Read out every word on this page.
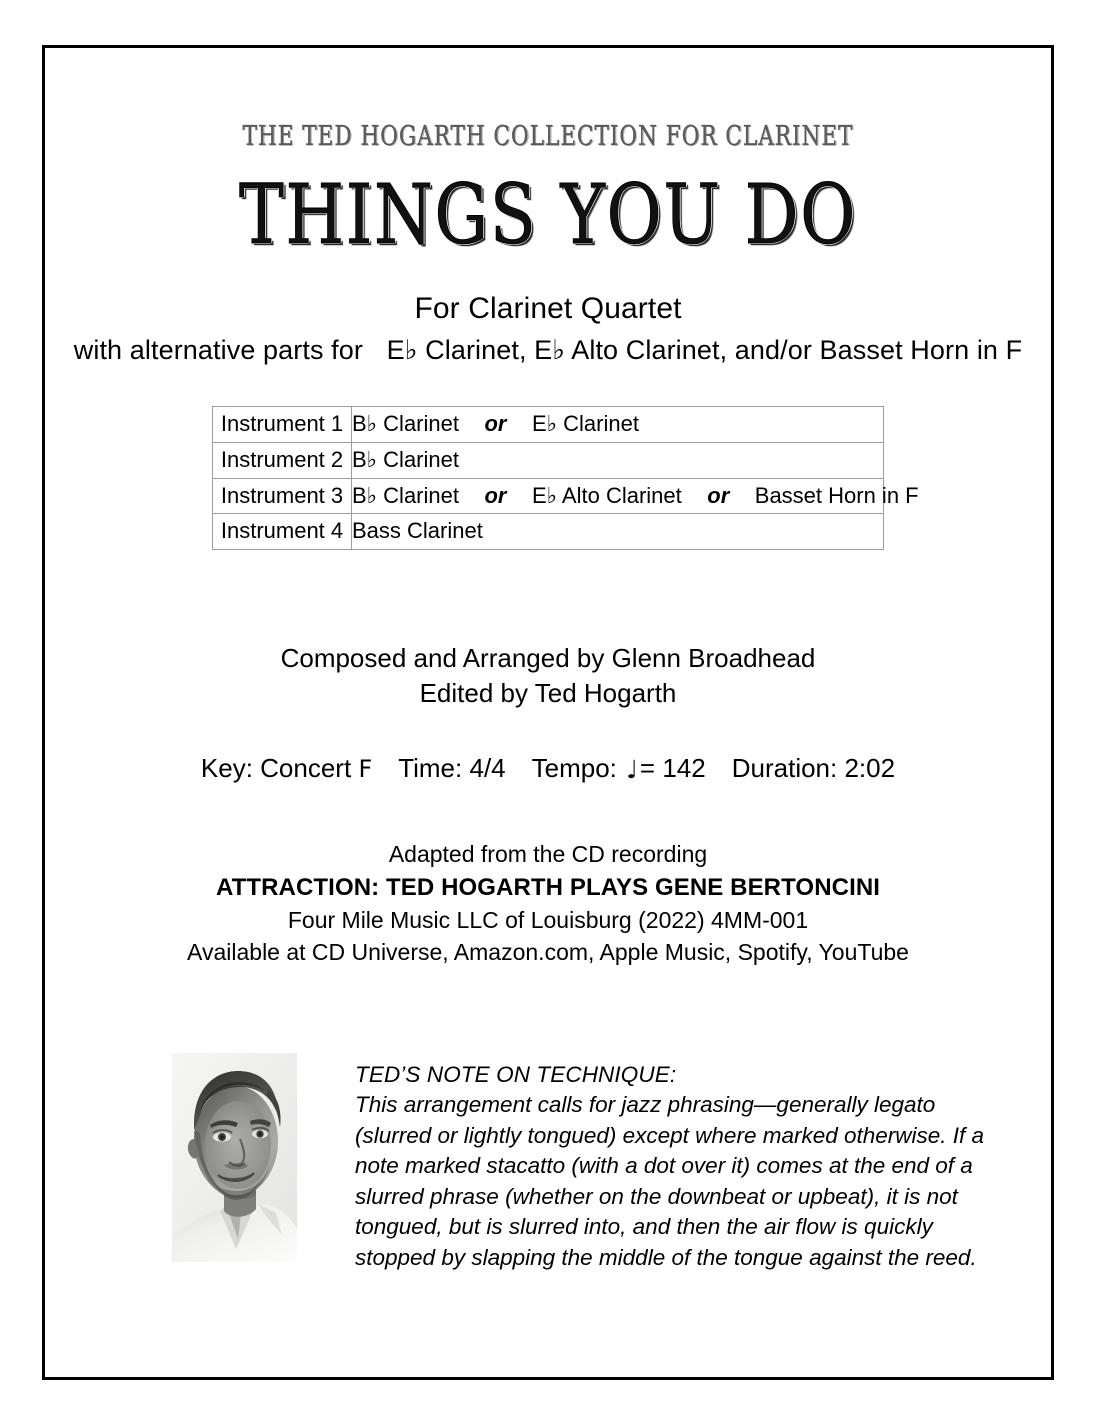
THE TED HOGARTH COLLECTION FOR CLARINET
THINGS YOU DO
For Clarinet Quartet
with alternative parts for E♭ Clarinet, E♭ Alto Clarinet, and/or Basset Horn in F
Instrument 1	B♭ Clarinet or E♭ Clarinet
Instrument 2	B♭ Clarinet
Instrument 3	B♭ Clarinet or E♭ Alto Clarinet or Basset Horn in F
Instrument 4	Bass Clarinet
Composed and Arranged by Glenn Broadhead
Edited by Ted Hogarth
Key: Concert F Time: 4/4 Tempo: ♩= 142 Duration: 2:02
Adapted from the CD recording
ATTRACTION: TED HOGARTH PLAYS GENE BERTONCINI
Four Mile Music LLC of Louisburg (2022) 4MM-001
Available at CD Universe, Amazon.com, Apple Music, Spotify, YouTube
TED’S NOTE ON TECHNIQUE:
This arrangement calls for jazz phrasing—generally legato (slurred or lightly tongued) except where marked otherwise. If a note marked stacatto (with a dot over it) comes at the end of a slurred phrase (whether on the downbeat or upbeat), it is not tongued, but is slurred into, and then the air flow is quickly stopped by slapping the middle of the tongue against the reed.
